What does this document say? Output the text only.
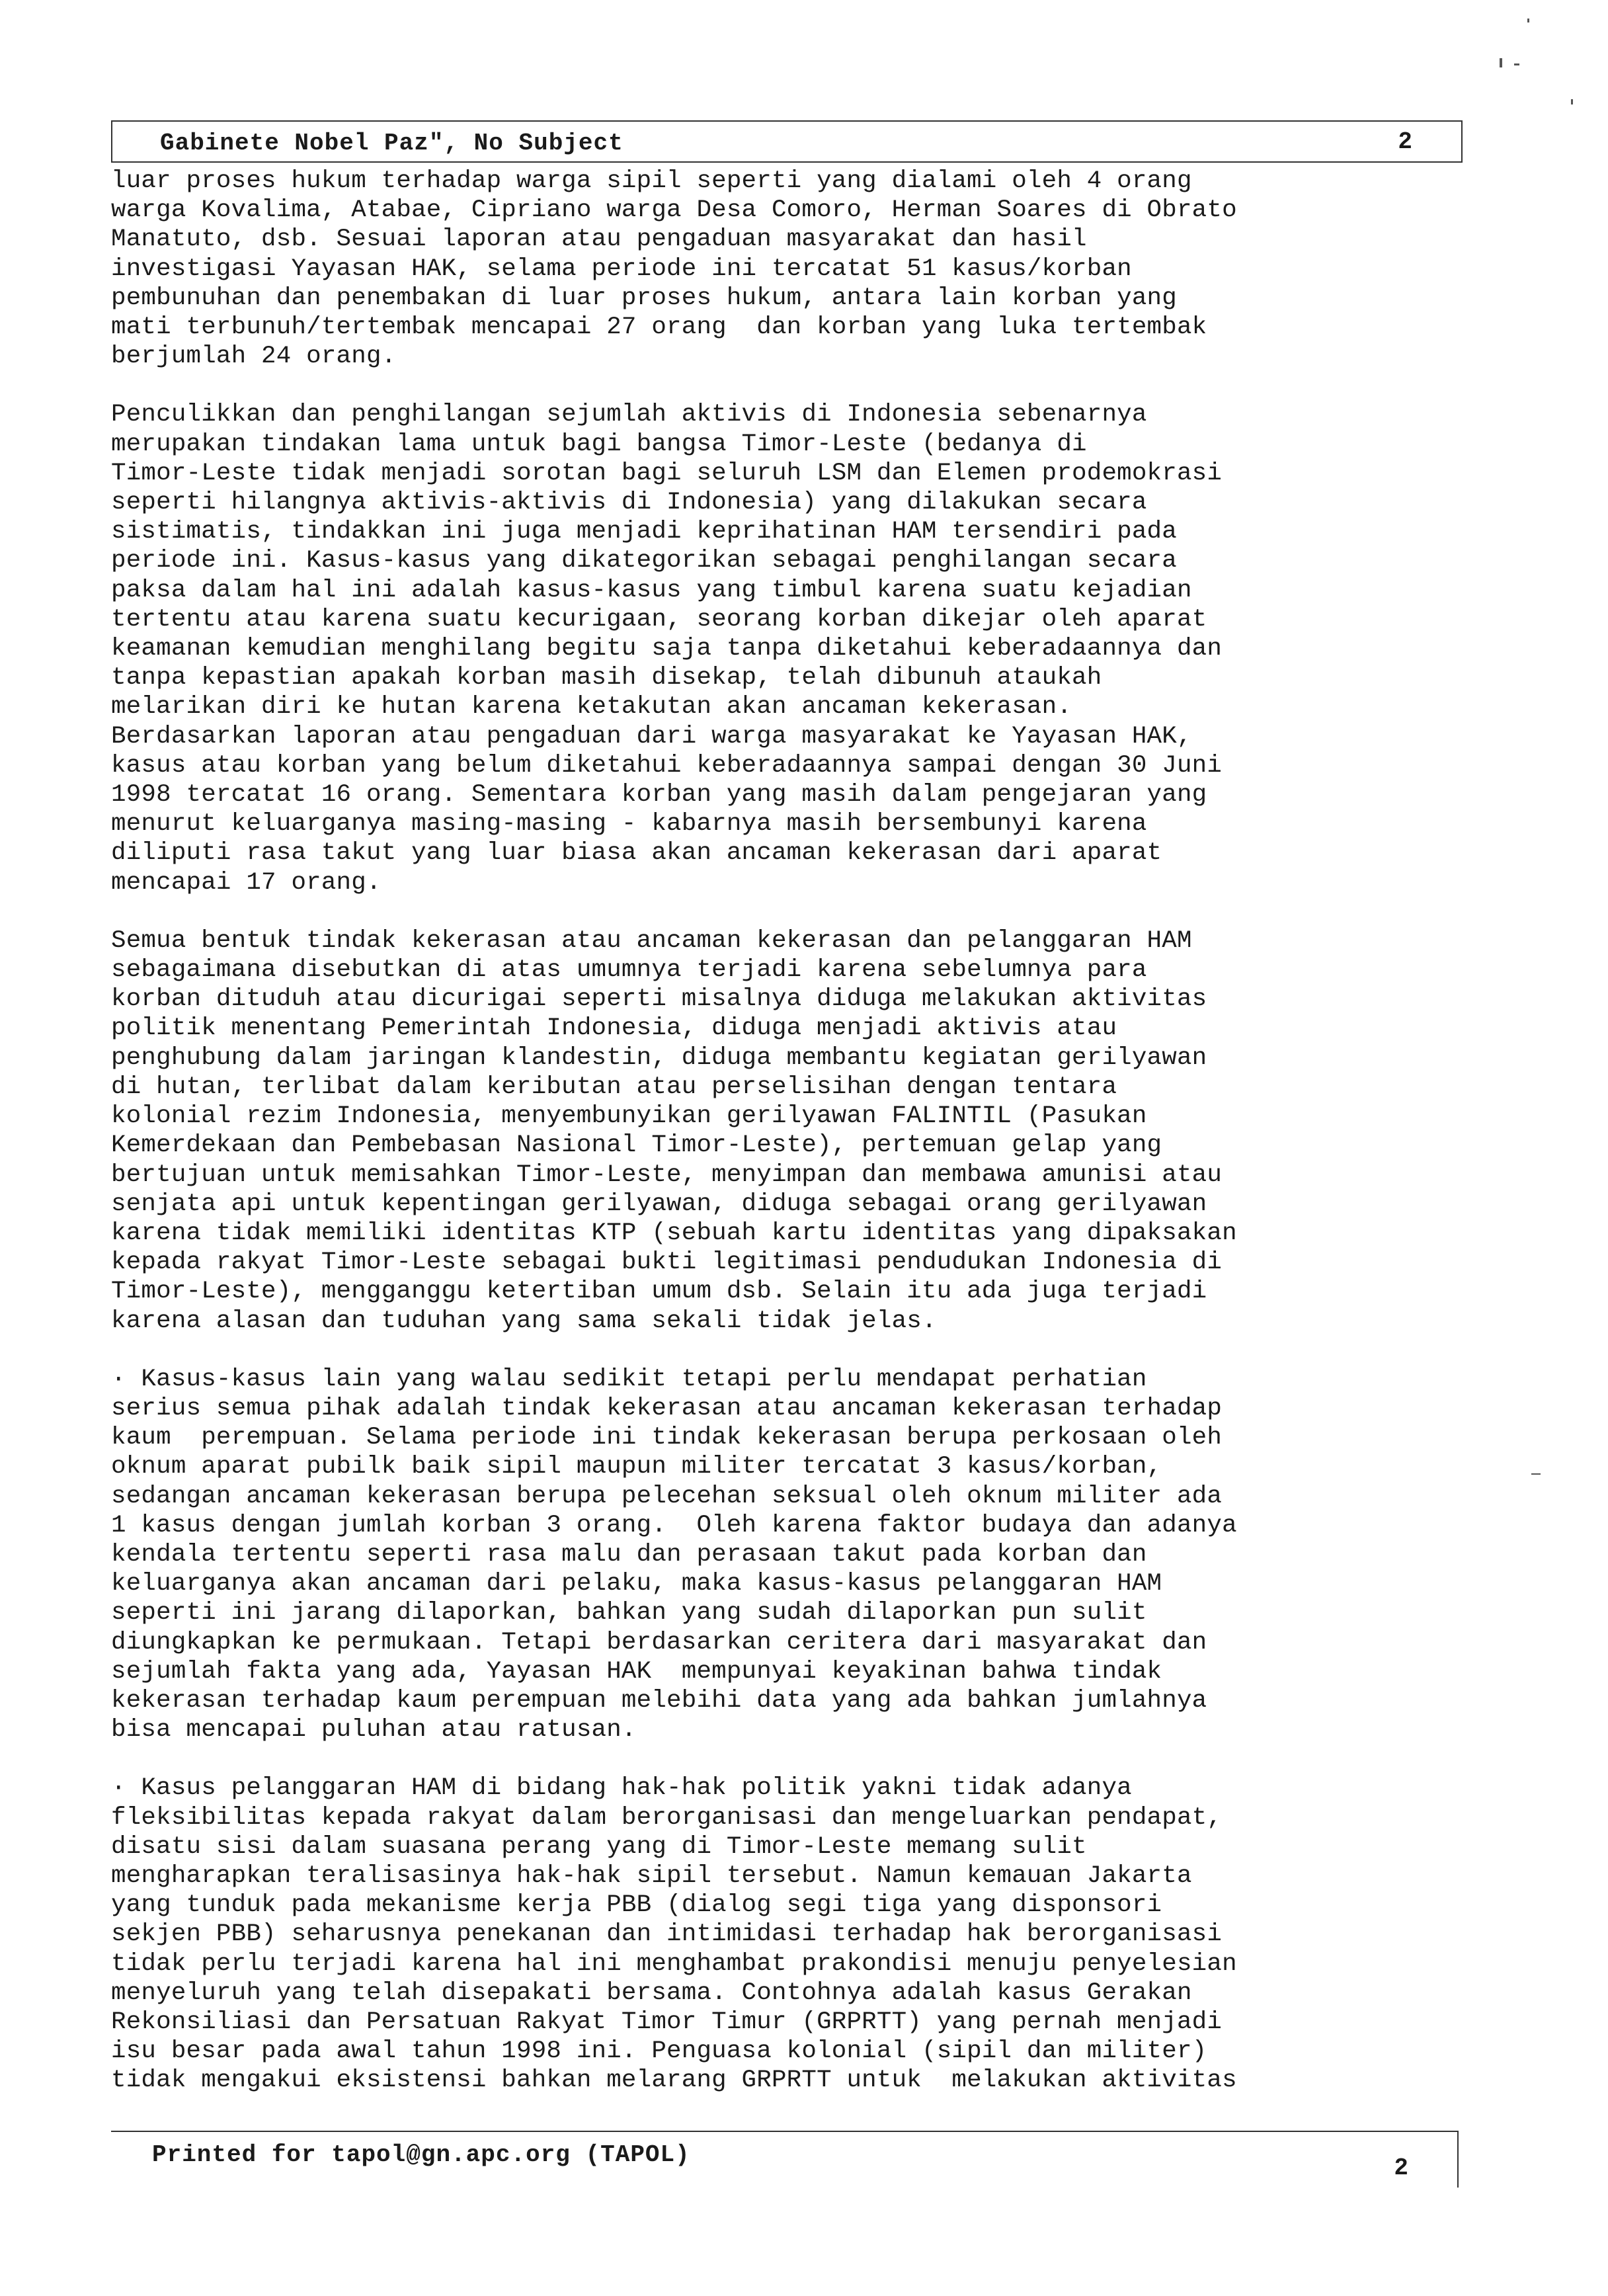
Gabinete Nobel Paz", No Subject	2
luar proses hukum terhadap warga sipil seperti yang dialami oleh 4 orang
warga Kovalima, Atabae, Cipriano warga Desa Comoro, Herman Soares di Obrato
Manatuto, dsb. Sesuai laporan atau pengaduan masyarakat dan hasil
investigasi Yayasan HAK, selama periode ini tercatat 51 kasus/korban
pembunuhan dan penembakan di luar proses hukum, antara lain korban yang
mati terbunuh/tertembak mencapai 27 orang  dan korban yang luka tertembak
berjumlah 24 orang.
Penculikkan dan penghilangan sejumlah aktivis di Indonesia sebenarnya
merupakan tindakan lama untuk bagi bangsa Timor-Leste (bedanya di
Timor-Leste tidak menjadi sorotan bagi seluruh LSM dan Elemen prodemokrasi
seperti hilangnya aktivis-aktivis di Indonesia) yang dilakukan secara
sistimatis, tindakkan ini juga menjadi keprihatinan HAM tersendiri pada
periode ini. Kasus-kasus yang dikategorikan sebagai penghilangan secara
paksa dalam hal ini adalah kasus-kasus yang timbul karena suatu kejadian
tertentu atau karena suatu kecurigaan, seorang korban dikejar oleh aparat
keamanan kemudian menghilang begitu saja tanpa diketahui keberadaannya dan
tanpa kepastian apakah korban masih disekap, telah dibunuh ataukah
melarikan diri ke hutan karena ketakutan akan ancaman kekerasan.
Berdasarkan laporan atau pengaduan dari warga masyarakat ke Yayasan HAK,
kasus atau korban yang belum diketahui keberadaannya sampai dengan 30 Juni
1998 tercatat 16 orang. Sementara korban yang masih dalam pengejaran yang
menurut keluarganya masing-masing - kabarnya masih bersembunyi karena
diliputi rasa takut yang luar biasa akan ancaman kekerasan dari aparat
mencapai 17 orang.
Semua bentuk tindak kekerasan atau ancaman kekerasan dan pelanggaran HAM
sebagaimana disebutkan di atas umumnya terjadi karena sebelumnya para
korban dituduh atau dicurigai seperti misalnya diduga melakukan aktivitas
politik menentang Pemerintah Indonesia, diduga menjadi aktivis atau
penghubung dalam jaringan klandestin, diduga membantu kegiatan gerilyawan
di hutan, terlibat dalam keributan atau perselisihan dengan tentara
kolonial rezim Indonesia, menyembunyikan gerilyawan FALINTIL (Pasukan
Kemerdekaan dan Pembebasan Nasional Timor-Leste), pertemuan gelap yang
bertujuan untuk memisahkan Timor-Leste, menyimpan dan membawa amunisi atau
senjata api untuk kepentingan gerilyawan, diduga sebagai orang gerilyawan
karena tidak memiliki identitas KTP (sebuah kartu identitas yang dipaksakan
kepada rakyat Timor-Leste sebagai bukti legitimasi pendudukan Indonesia di
Timor-Leste), mengganggu ketertiban umum dsb. Selain itu ada juga terjadi
karena alasan dan tuduhan yang sama sekali tidak jelas.
· Kasus-kasus lain yang walau sedikit tetapi perlu mendapat perhatian
serius semua pihak adalah tindak kekerasan atau ancaman kekerasan terhadap
kaum  perempuan. Selama periode ini tindak kekerasan berupa perkosaan oleh
oknum aparat pubilk baik sipil maupun militer tercatat 3 kasus/korban,
sedangan ancaman kekerasan berupa pelecehan seksual oleh oknum militer ada
1 kasus dengan jumlah korban 3 orang.  Oleh karena faktor budaya dan adanya
kendala tertentu seperti rasa malu dan perasaan takut pada korban dan
keluarganya akan ancaman dari pelaku, maka kasus-kasus pelanggaran HAM
seperti ini jarang dilaporkan, bahkan yang sudah dilaporkan pun sulit
diungkapkan ke permukaan. Tetapi berdasarkan ceritera dari masyarakat dan
sejumlah fakta yang ada, Yayasan HAK  mempunyai keyakinan bahwa tindak
kekerasan terhadap kaum perempuan melebihi data yang ada bahkan jumlahnya
bisa mencapai puluhan atau ratusan.
· Kasus pelanggaran HAM di bidang hak-hak politik yakni tidak adanya
fleksibilitas kepada rakyat dalam berorganisasi dan mengeluarkan pendapat,
disatu sisi dalam suasana perang yang di Timor-Leste memang sulit
mengharapkan teralisasinya hak-hak sipil tersebut. Namun kemauan Jakarta
yang tunduk pada mekanisme kerja PBB (dialog segi tiga yang disponsori
sekjen PBB) seharusnya penekanan dan intimidasi terhadap hak berorganisasi
tidak perlu terjadi karena hal ini menghambat prakondisi menuju penyelesian
menyeluruh yang telah disepakati bersama. Contohnya adalah kasus Gerakan
Rekonsiliasi dan Persatuan Rakyat Timor Timur (GRPRTT) yang pernah menjadi
isu besar pada awal tahun 1998 ini. Penguasa kolonial (sipil dan militer)
tidak mengakui eksistensi bahkan melarang GRPRTT untuk  melakukan aktivitas
Printed for tapol@gn.apc.org (TAPOL)	2
